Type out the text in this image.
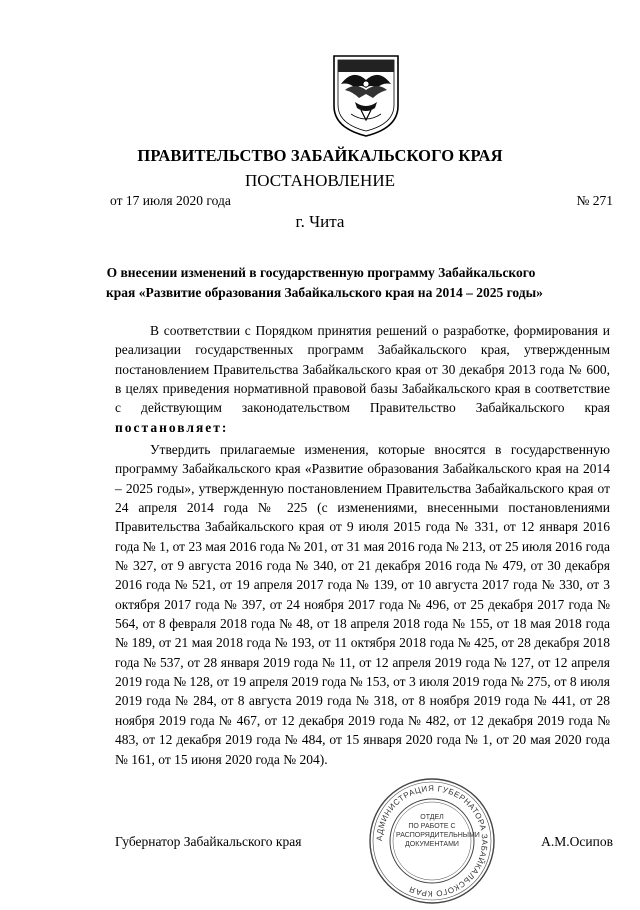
ПРАВИТЕЛЬСТВО ЗАБАЙКАЛЬСКОГО КРАЯ
ПОСТАНОВЛЕНИЕ
от 17 июля 2020 года	№ 271
г. Чита
О внесении изменений в государственную программу Забайкальского
края «Развитие образования Забайкальского края на 2014 – 2025 годы»
В соответствии с Порядком принятия решений о разработке, формирования и реализации государственных программ Забайкальского края, утвержденным постановлением Правительства Забайкальского края от 30 декабря 2013 года № 600, в целях приведения нормативной правовой базы Забайкальского края в соответствие с действующим законодательством Правительство Забайкальского края постановляет:
Утвердить прилагаемые изменения, которые вносятся в государственную программу Забайкальского края «Развитие образования Забайкальского края на 2014 – 2025 годы», утвержденную постановлением Правительства Забайкальского края от 24 апреля 2014 года № 225 (с изменениями, внесенными постановлениями Правительства Забайкальского края от 9 июля 2015 года № 331, от 12 января 2016 года № 1, от 23 мая 2016 года № 201, от 31 мая 2016 года № 213, от 25 июля 2016 года № 327, от 9 августа 2016 года № 340, от 21 декабря 2016 года № 479, от 30 декабря 2016 года № 521, от 19 апреля 2017 года № 139, от 10 августа 2017 года № 330, от 3 октября 2017 года № 397, от 24 ноября 2017 года № 496, от 25 декабря 2017 года № 564, от 8 февраля 2018 года № 48, от 18 апреля 2018 года № 155, от 18 мая 2018 года № 189, от 21 мая 2018 года № 193, от 11 октября 2018 года № 425, от 28 декабря 2018 года № 537, от 28 января 2019 года № 11, от 12 апреля 2019 года № 127, от 12 апреля 2019 года № 128, от 19 апреля 2019 года № 153, от 3 июля 2019 года № 275, от 8 июля 2019 года № 284, от 8 августа 2019 года № 318, от 8 ноября 2019 года № 441, от 28 ноября 2019 года № 467, от 12 декабря 2019 года № 482, от 12 декабря 2019 года № 483, от 12 декабря 2019 года № 484, от 15 января 2020 года № 1, от 20 мая 2020 года № 161, от 15 июня 2020 года № 204).
Губернатор Забайкальского края	А.М.Осипов
АДМИНИСТРАЦИЯ ГУБЕРНАТОРА ЗАБАЙКАЛЬСКОГО КРАЯ
ОТДЕЛ
ПО РАБОТЕ С
РАСПОРЯДИТЕЛЬНЫМИ
ДОКУМЕНТАМИ
